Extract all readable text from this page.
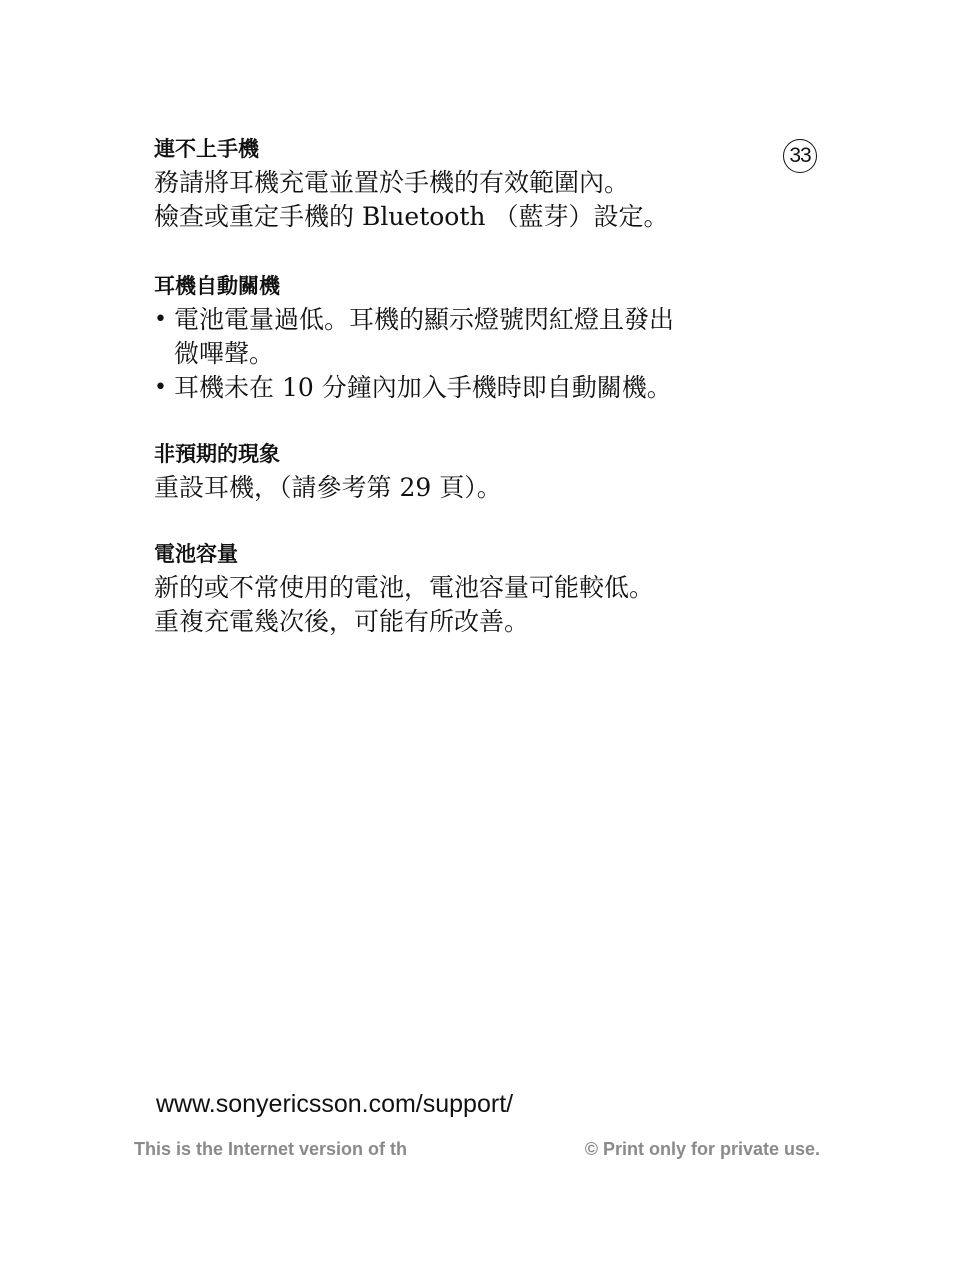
33
連不上手機
務請將耳機充電並置於手機的有效範圍內。
檢查或重定手機的 Bluetooth （藍芽）設定。
耳機自動關機
• 電池電量過低。耳機的顯示燈號閃紅燈且發出
微嗶聲。
• 耳機未在 10 分鐘內加入手機時即自動關機。
非預期的現象
重設耳機，（請參考第 29 頁）。
電池容量
新的或不常使用的電池，電池容量可能較低。
重複充電幾次後，可能有所改善。
www.sonyericsson.com/support/
This is the Internet version of th	© Print only for private use.
